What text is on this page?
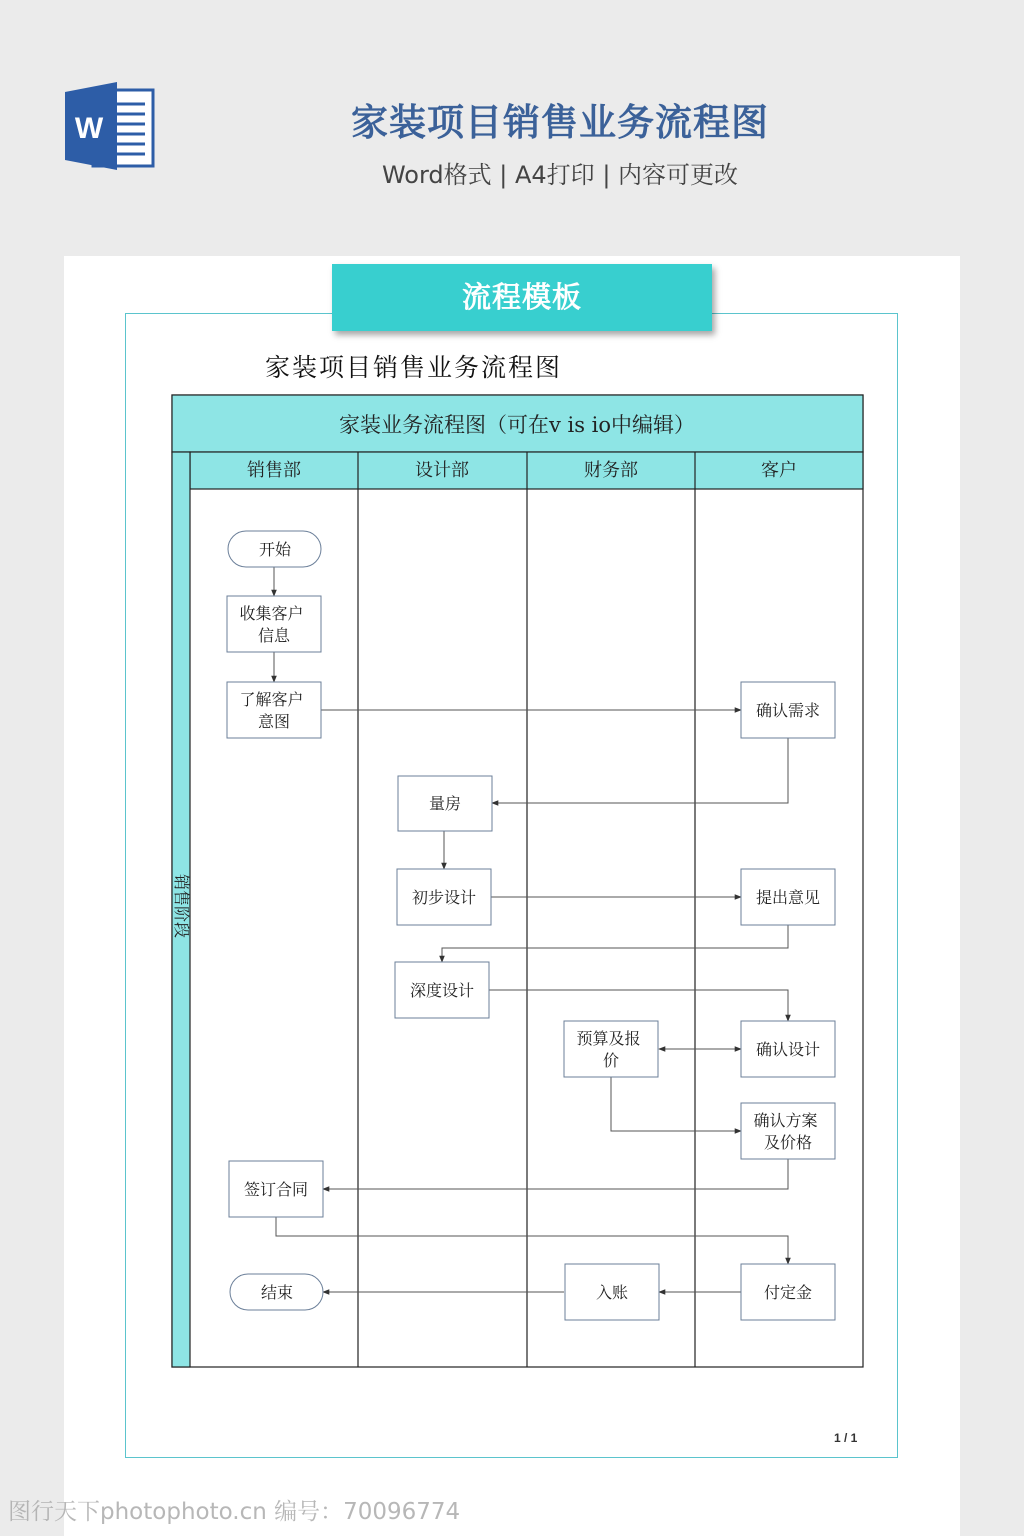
W	家装项目销售业务流程图
Word格式 | A4打印 | 内容可更改
流程模板
家装项目销售业务流程图
家装业务流程图（可在v is io中编辑）
销售阶段
销售部	设计部	财务部	客户
开始
收集客户 信息
了解客户 意图
确认需求
量房
初步设计	提出意见
深度设计
预算及报 价
确认设计
确认方案 及价格
签订合同
结束	入账	付定金
1 / 1
图行天下photophoto.cn 编号：70096774
